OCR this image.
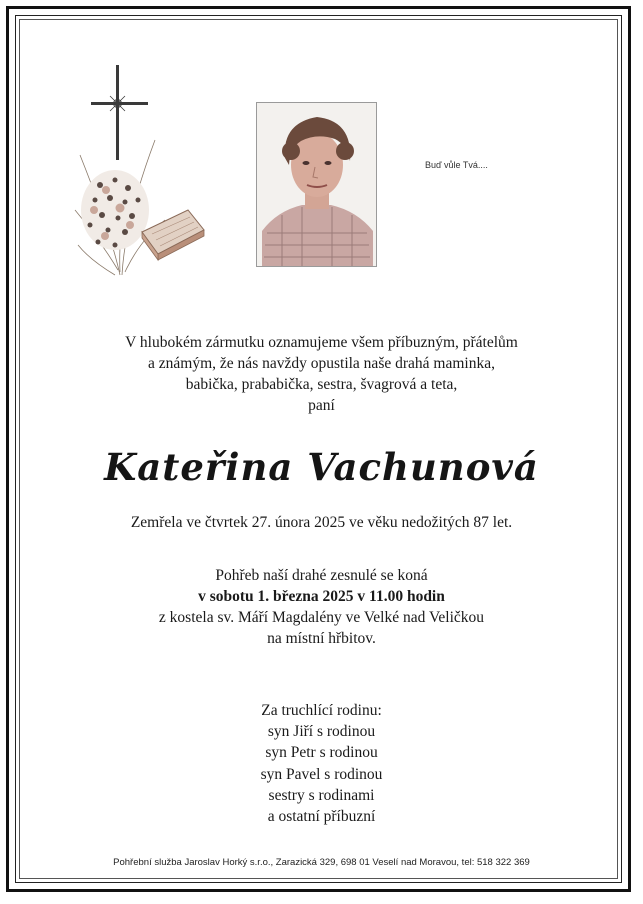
Buď vůle Tvá....
V hlubokém zármutku oznamujeme všem příbuzným, přátelům
a známým, že nás navždy opustila naše drahá maminka,
babička, prababička, sestra, švagrová a teta,
paní
Kateřina Vachunová
Zemřela ve čtvrtek 27. února 2025 ve věku nedožitých 87 let.
Pohřeb naší drahé zesnulé se koná
v sobotu 1. března 2025 v 11.00 hodin
z kostela sv. Máří Magdalény ve Velké nad Veličkou
na místní hřbitov.
Za truchlící rodinu:
syn Jiří s rodinou
syn Petr s rodinou
syn Pavel s rodinou
sestry s rodinami
a ostatní příbuzní
Pohřební služba Jaroslav Horký s.r.o., Zarazická 329, 698 01 Veselí nad Moravou, tel: 518 322 369
